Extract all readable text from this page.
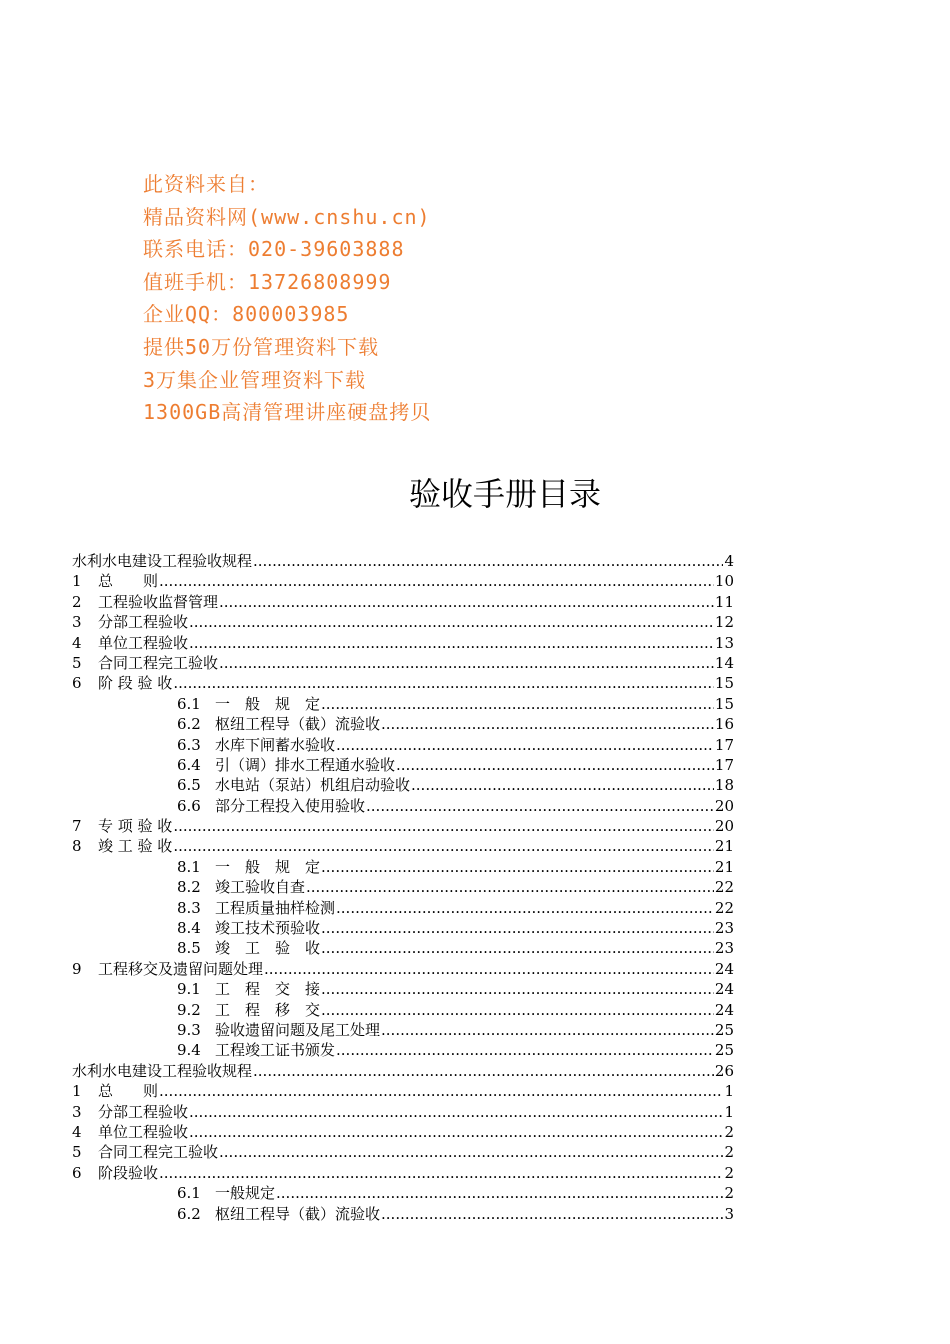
此资料来自：
精品资料网(www.cnshu.cn)
联系电话：020-39603888
值班手机：13726808999
企业QQ：800003985
提供50万份管理资料下载
3万集企业管理资料下载
1300GB高清管理讲座硬盘拷贝
验收手册目录
水利水电建设工程验收规程 .....	4
1 总　　则 .....	10
2 工程验收监督管理 .....	11
3 分部工程验收 .....	12
4 单位工程验收 .....	13
5 合同工程完工验收 .....	14
6 阶 段 验 收 .....	15
6.1 一　般　规　定 .....	15
6.2 枢纽工程导（截）流验收 .....	16
6.3 水库下闸蓄水验收 .....	17
6.4 引（调）排水工程通水验收 .....	17
6.5 水电站（泵站）机组启动验收 .....	18
6.6 部分工程投入使用验收 .....	20
7 专 项 验 收 .....	20
8 竣 工 验 收 .....	21
8.1 一　般　规　定 .....	21
8.2 竣工验收自查 .....	22
8.3 工程质量抽样检测 .....	22
8.4 竣工技术预验收 .....	23
8.5 竣　工　验　收 .....	23
9 工程移交及遗留问题处理 .....	24
9.1 工　程　交　接 .....	24
9.2 工　程　移　交 .....	24
9.3 验收遗留问题及尾工处理 .....	25
9.4 工程竣工证书颁发 .....	25
水利水电建设工程验收规程 .....	26
1 总　　则 .....	1
3 分部工程验收 .....	1
4 单位工程验收 .....	2
5 合同工程完工验收 .....	2
6 阶段验收 .....	2
6.1 一般规定 .....	2
6.2 枢纽工程导（截）流验收 .....	3
